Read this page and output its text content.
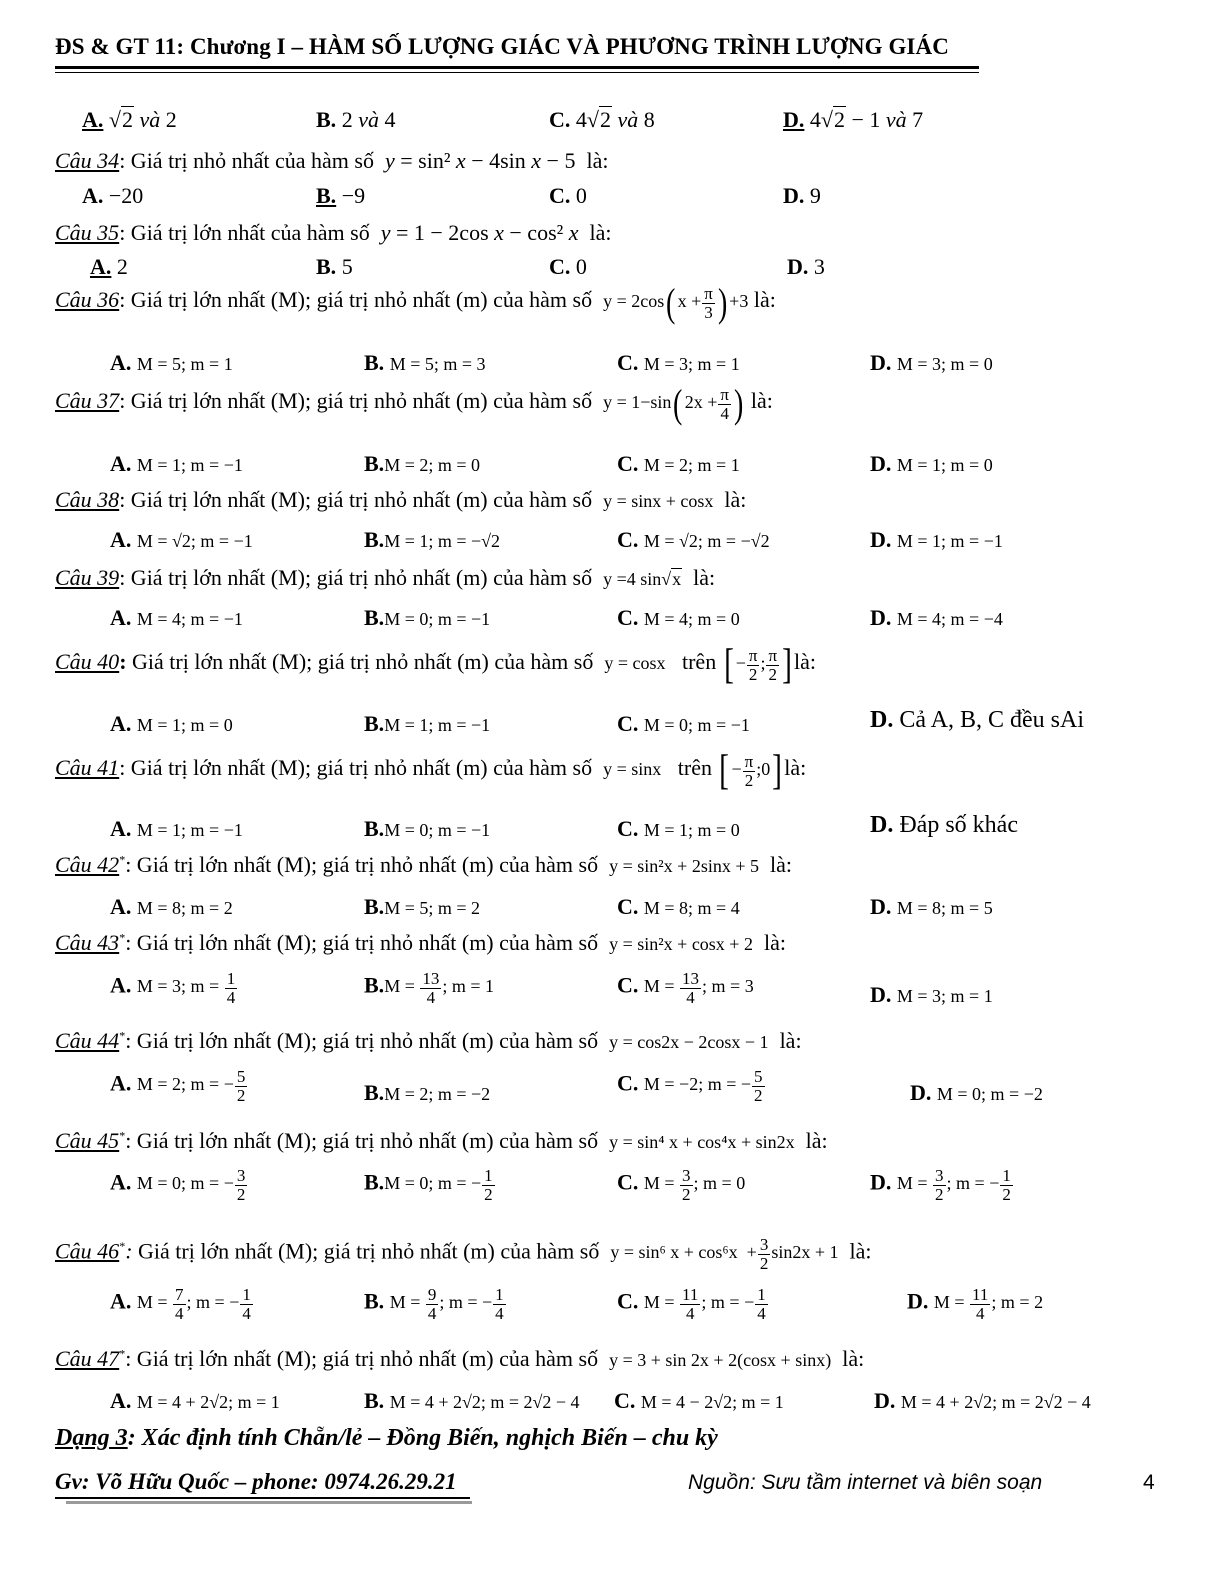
ĐS & GT 11: Chương I – HÀM SỐ LƯỢNG GIÁC VÀ PHƯƠNG TRÌNH LƯỢNG GIÁC
A. √2 và 2	B. 2 và 4	C. 4√2 và 8	D. 4√2 − 1 và 7
Câu 34: Giá trị nhỏ nhất của hàm số y = sin² x − 4sin x − 5  là:
A. −20	B. −9	C. 0	D. 9
Câu 35: Giá trị lớn nhất của hàm số y = 1 − 2cos x − cos² x là:
A. 2	B. 5	C. 0	D. 3
Câu 36: Giá trị lớn nhất (M); giá trị nhỏ nhất (m) của hàm số y = 2cos( $x + \frac{\pi}{3}$ ) +3 là:
A. M = 5; m = 1	B. M = 5; m = 3	C. M = 3; m = 1	D. M = 3; m = 0
Câu 37: Giá trị lớn nhất (M); giá trị nhỏ nhất (m) của hàm số y = 1−sin( $2x + \frac{\pi}{4}$ ) là:
A. M = 1; m = −1	B.M = 2; m = 0	C. M = 2; m = 1	D. M = 1; m = 0
Câu 38: Giá trị lớn nhất (M); giá trị nhỏ nhất (m) của hàm số y = sinx + cosx là:
A. M = √2; m = −1	B.M = 1; m = −√2	C. M = √2; m = −√2	D. M = 1; m = −1
Câu 39: Giá trị lớn nhất (M); giá trị nhỏ nhất (m) của hàm số y =4 sin√x là:
A. M = 4; m = −1	B.M = 0; m = −1	C. M = 4; m = 0	D. M = 4; m = −4
Câu 40: Giá trị lớn nhất (M); giá trị nhỏ nhất (m) của hàm số  y = cosx trên [ − $\frac{\pi}{2}$ ; $\frac{\pi}{2}$ ]là:
A. M = 1; m = 0	B.M = 1; m = −1	C. M = 0; m = −1	D. Cả A, B, C đều sAi
Câu 41: Giá trị lớn nhất (M); giá trị nhỏ nhất (m) của hàm số y = sinx trên [ − $\frac{\pi}{2}$ ;0]là:
A. M = 1; m = −1	B.M = 0; m = −1	C. M = 1; m = 0	D. Đáp số khác
Câu 42*: Giá trị lớn nhất (M); giá trị nhỏ nhất (m) của hàm số y = sin²x + 2sinx + 5 là:
A. M = 8; m = 2	B.M = 5; m = 2	C. M = 8; m = 4	D. M = 8; m = 5
Câu 43*: Giá trị lớn nhất (M); giá trị nhỏ nhất (m) của hàm số y = sin²x + cosx + 2 là:
A. M = 3; $m = \frac{1}{4}$	$B.M = \frac{13}{4}$ ; m = 1	C. $M = \frac{13}{4}$ ; m = 3	D. M = 3; m = 1
Câu 44*: Giá trị lớn nhất (M); giá trị nhỏ nhất (m) của hàm số y = cos2x − 2cosx − 1 là:
A. M = 2; m = − $\frac{5}{2}$	B.M = 2; m = −2	C. M = −2; m = − $\frac{5}{2}$	D. M = 0; m = −2
Câu 45*: Giá trị lớn nhất (M); giá trị nhỏ nhất (m) của hàm số y = sin⁴ x + cos⁴x + sin2x là:
A. M = 0; m = − $\frac{3}{2}$	B.M = 0; m = − $\frac{1}{2}$	C. $M = \frac{3}{2}$ ; m = 0	D. $M = \frac{3}{2}$ ; m = − $\frac{1}{2}$
Câu 46*: Giá trị lớn nhất (M); giá trị nhỏ nhất (m) của hàm số y = sin⁶ $x + \cos^6x + \frac{3}{2} \sin 2x + 1$ là:
A. $M = \frac{7}{4}$ ; m = − $\frac{1}{4}$	B. $M = \frac{9}{4}$ ; m = − $\frac{1}{4}$	C. $M = \frac{11}{4}$ ; m = − $\frac{1}{4}$	D. $M = \frac{11}{4}$ ; m = 2
Câu 47*: Giá trị lớn nhất (M); giá trị nhỏ nhất (m) của hàm số y = 3 + sin 2x + 2(cosx + sinx) là:
A. M = 4 + 2√2; m = 1	B. M = 4 + 2√2; m = 2√2 − 4 C. M = 4 − 2√2; m = 1	D. M = 4 + 2√2; m = 2√2 − 4
Dạng 3: Xác định tính Chẵn/lẻ – Đồng Biến, nghịch Biến – chu kỳ
Gv: Võ Hữu Quốc – phone: 0974.26.29.21	Nguồn: Sưu tầm internet và biên soạn	4
